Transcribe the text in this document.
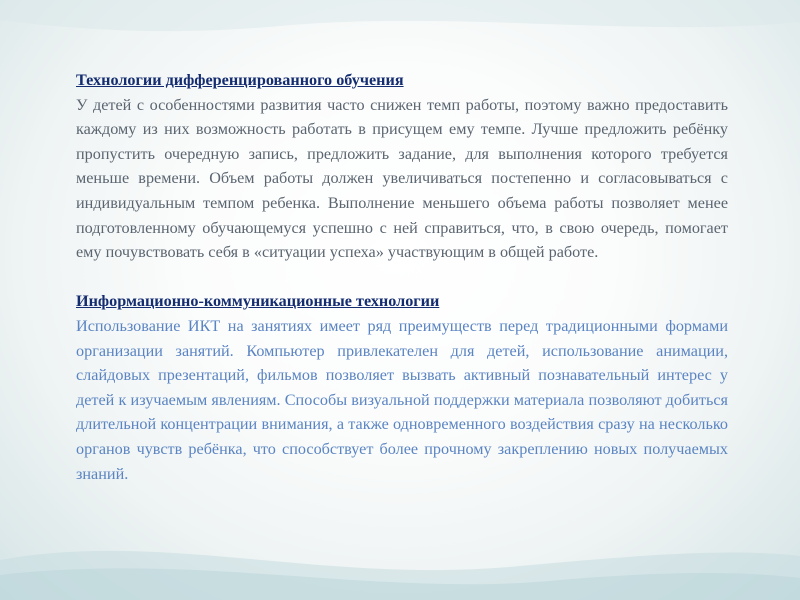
Технологии дифференцированного обучения

У детей с особенностями развития часто снижен темп работы, поэтому важно предоставить каждому из них возможность работать в присущем ему темпе. Лучше предложить ребёнку пропустить очередную запись, предложить задание, для выполнения которого требуется меньше времени. Объем работы должен увеличиваться постепенно и согласовываться с индивидуальным темпом ребенка. Выполнение меньшего объема работы позволяет менее подготовленному обучающемуся успешно с ней справиться, что, в свою очередь, помогает ему почувствовать себя в «ситуации успеха» участвующим в общей работе.

Информационно-коммуникационные технологии

Использование ИКТ на занятиях имеет ряд преимуществ перед традиционными формами организации занятий. Компьютер привлекателен для детей, использование анимации, слайдовых презентаций, фильмов позволяет вызвать активный познавательный интерес у детей к изучаемым явлениям. Способы визуальной поддержки материала позволяют добиться длительной концентрации внимания, а также одновременного воздействия сразу на несколько органов чувств ребёнка, что способствует более прочному закреплению новых получаемых знаний.
